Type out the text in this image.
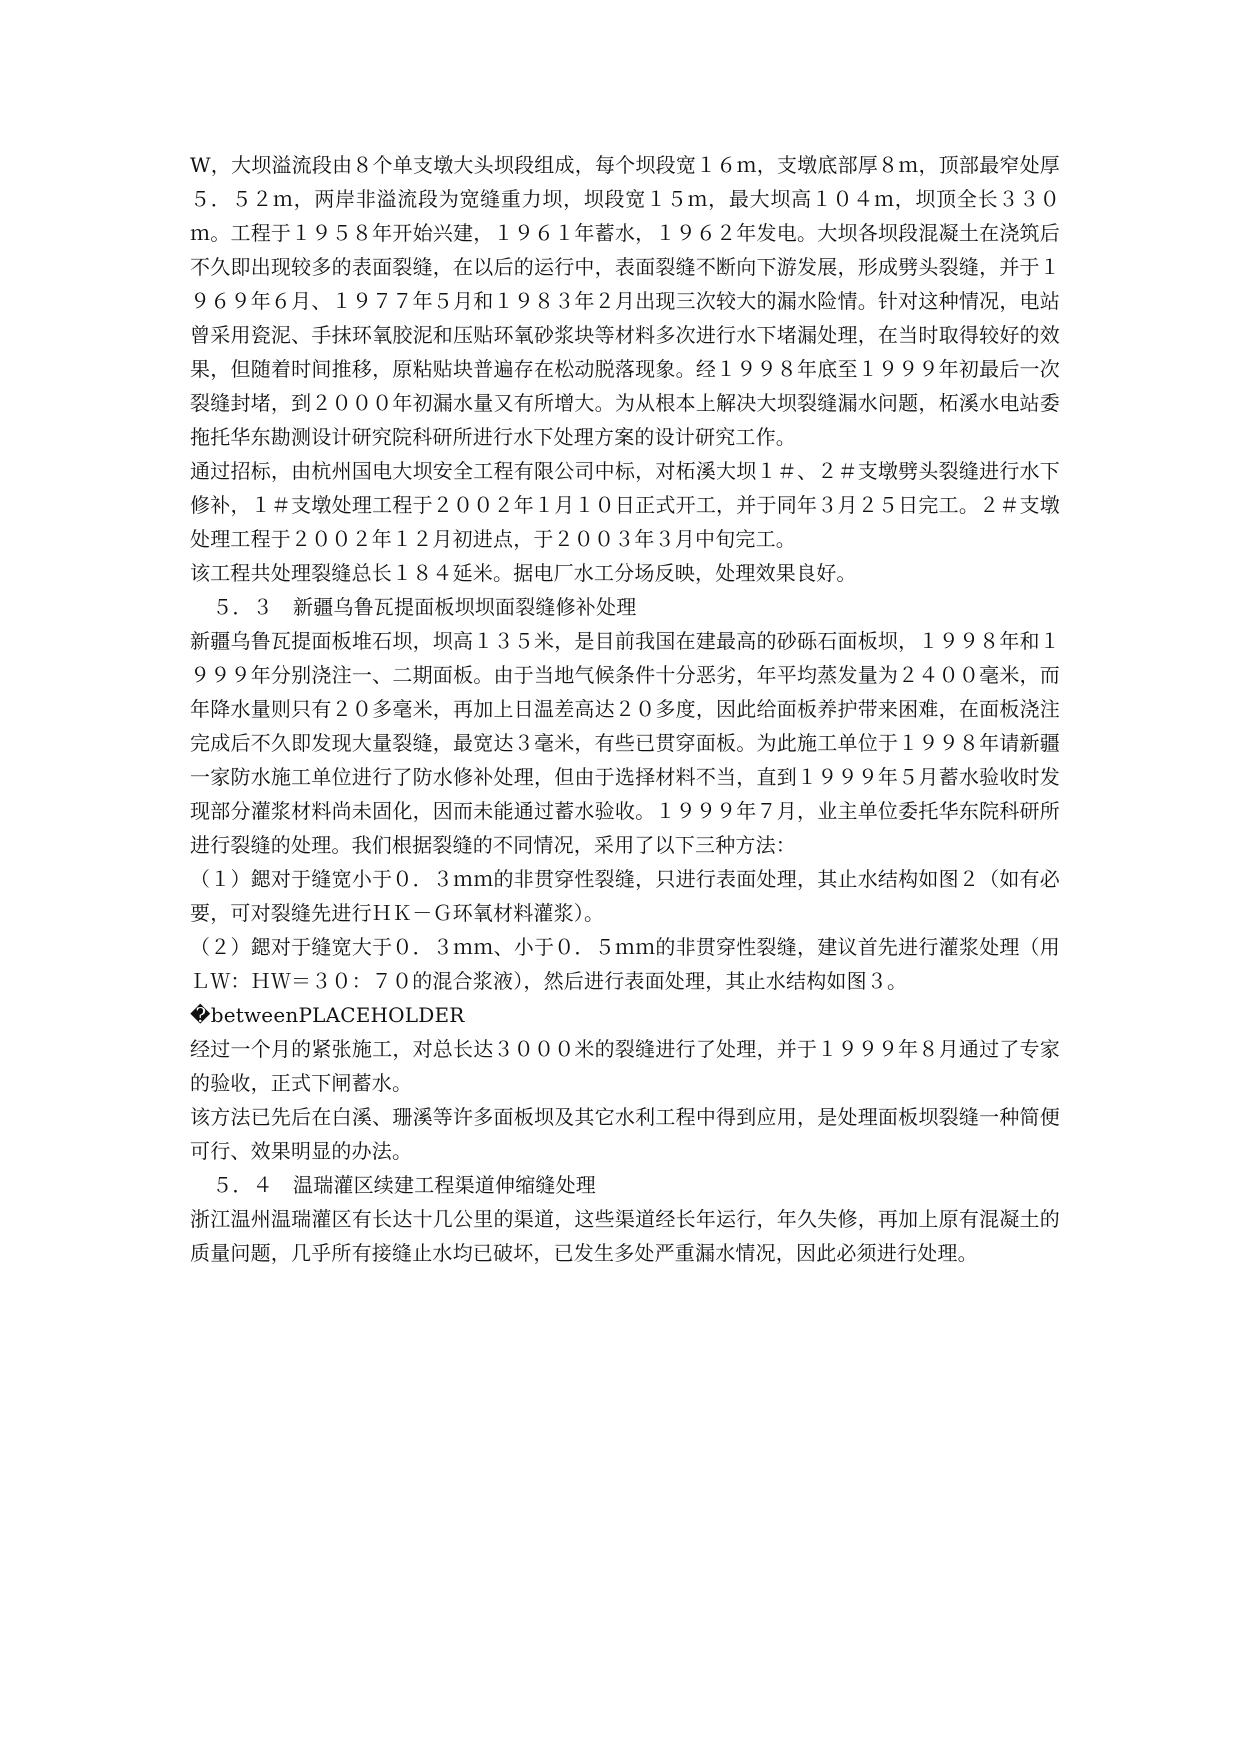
W，大坝溢流段由８个单支墩大头坝段组成，每个坝段宽１６ｍ，支墩底部厚８ｍ，顶部最窄处厚５．５２ｍ，两岸非溢流段为宽缝重力坝，坝段宽１５ｍ，最大坝高１０４ｍ，坝顶全长３３０ｍ。工程于１９５８年开始兴建，１９６１年蓄水，１９６２年发电。大坝各坝段混凝土在浇筑后不久即出现较多的表面裂缝，在以后的运行中，表面裂缝不断向下游发展，形成劈头裂缝，并于１９６９年６月、１９７７年５月和１９８３年２月出现三次较大的漏水险情。针对这种情况，电站曾采用瓷泥、手抹环氧胶泥和压贴环氧砂浆块等材料多次进行水下堵漏处理，在当时取得较好的效果，但随着时间推移，原粘贴块普遍存在松动脱落现象。经１９９８年底至１９９９年初最后一次裂缝封堵，到２０００年初漏水量又有所增大。为从根本上解决大坝裂缝漏水问题，柘溪水电站委拖托华东勘测设计研究院科研所进行水下处理方案的设计研究工作。

通过招标，由杭州国电大坝安全工程有限公司中标，对柘溪大坝１＃、２＃支墩劈头裂缝进行水下修补，１＃支墩处理工程于２００２年１月１０日正式开工，并于同年３月２５日完工。２＃支墩处理工程于２００２年１２月初进点，于２００３年３月中旬完工。

该工程共处理裂缝总长１８４延米。据电厂水工分场反映，处理效果良好。

　５．３　新疆乌鲁瓦提面板坝坝面裂缝修补处理

新疆乌鲁瓦提面板堆石坝，坝高１３５米，是目前我国在建最高的砂砾石面板坝，１９９８年和１９９９年分别浇注一、二期面板。由于当地气候条件十分恶劣，年平均蒸发量为２４００毫米，而年降水量则只有２０多毫米，再加上日温差高达２０多度，因此给面板养护带来困难，在面板浇注完成后不久即发现大量裂缝，最宽达３毫米，有些已贯穿面板。为此施工单位于１９９８年请新疆一家防水施工单位进行了防水修补处理，但由于选择材料不当，直到１９９９年５月蓄水验收时发现部分灌浆材料尚未固化，因而未能通过蓄水验收。１９９９年７月，业主单位委托华东院科研所进行裂缝的处理。我们根据裂缝的不同情况，采用了以下三种方法：

（１）鍶对于缝宽小于０．３ｍｍ的非贯穿性裂缝，只进行表面处理，其止水结构如图２（如有必要，可对裂缝先进行ＨＫ－Ｇ环氧材料灌浆）。

（２）鍶对于缝宽大于０．３ｍｍ、小于０．５ｍｍ的非贯穿性裂缝，建议首先进行灌浆处理（用ＬＷ：ＨＷ＝３０：７０的混合浆液），然后进行表面处理，其止水结构如图３。

�betweenPLACEHOLDER

经过一个月的紧张施工，对总长达３０００米的裂缝进行了处理，并于１９９９年８月通过了专家的验收，正式下闸蓄水。

该方法已先后在白溪、珊溪等许多面板坝及其它水利工程中得到应用，是处理面板坝裂缝一种简便可行、效果明显的办法。

　５．４　温瑞灌区续建工程渠道伸缩缝处理

浙江温州温瑞灌区有长达十几公里的渠道，这些渠道经长年运行，年久失修，再加上原有混凝土的质量问题，几乎所有接缝止水均已破坏，已发生多处严重漏水情况，因此必须进行处理。
